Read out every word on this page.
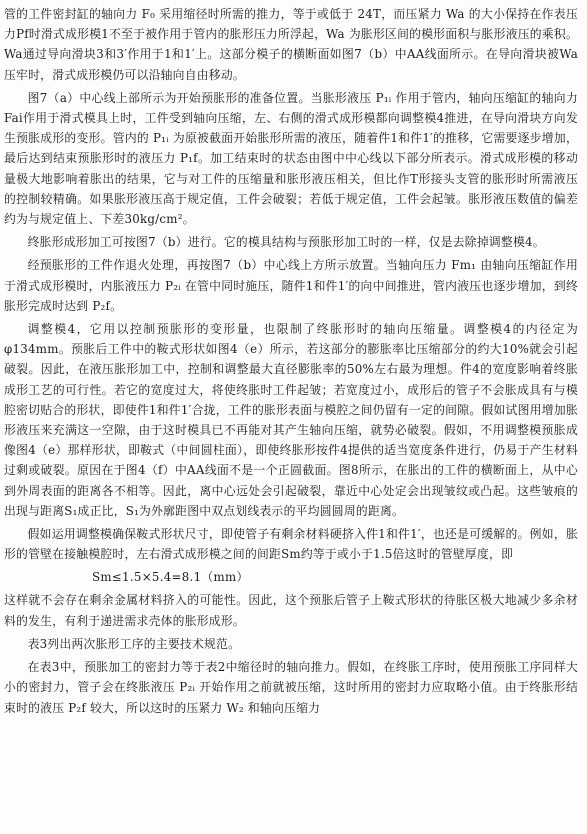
管的工件密封缸的轴向力 F₀ 采用缩径时所需的推力，等于或低于 24T，而压紧力 Wa 的大小保持在作表压力Pf时滑式成形模1不至于被作用于管内的胀形压力所浮起，Wa 为胀形区间的模形面积与胀形液压的乘积。Wa通过导向滑块3和3′作用于1和1′上。这部分模子的横断面如图7（b）中AA线面所示。在导向滑块被Wa压牢时，滑式成形模仍可以沿轴向自由移动。

图7（a）中心线上部所示为开始预胀形的准备位置。当胀形液压 P₁ᵢ 作用于管内，轴向压缩缸的轴向力Fai作用于滑式模具上时，工件受到轴向压缩，左、右侧的滑式成形模都向调整模4推进，在导向滑块方向发生预胀成形的变形。管内的 P₁ᵢ 为原被截面开始胀形所需的液压，随着件1和件1′的推移，它需要逐步增加，最后达到结束预胀形时的液压力 P₁f。加工结束时的状态由图中中心线以下部分所表示。滑式成形模的移动量极大地影响着胀出的结果，它与对工件的压缩量和胀形液压相关，但比作T形接头支管的胀形时所需液压的控制较精确。如果胀形液压高于规定值，工件会破裂；若低于规定值，工件会起皱。胀形液压数值的偏差约为与规定值上、下差30kg/cm²。

终胀形成形加工可按图7（b）进行。它的模具结构与预胀形加工时的一样，仅是去除掉调整模4。

经预胀形的工件作退火处理，再按图7（b）中心线上方所示放置。当轴向压力 Fm₁ 由轴向压缩缸作用于滑式成形模时，内胀液压力 P₂ᵢ 在管中同时施压，随件1和件1′的向中间推进，管内液压也逐步增加，到终胀形完成时达到 P₂f。

调整模4，它用以控制预胀形的变形量，也限制了终胀形时的轴向压缩量。调整模4的内径定为φ134mm。预胀后工件中的鞍式形状如图4（e）所示，若这部分的膨胀率比压缩部分的约大10%就会引起破裂。因此，在液压胀形加工中，控制和调整最大直径膨胀率的50%左右最为理想。件4的宽度影响着终胀成形工艺的可行性。若它的宽度过大，将使终胀时工件起皱；若宽度过小，成形后的管子不会胀成具有与模腔密切贴合的形状，即使件1和件1′合拢，工件的胀形表面与模腔之间仍留有一定的间隙。假如试图用增加胀形液压来充满这一空隙，由于这时模具已不再能对其产生轴向压缩，就势必破裂。假如，不用调整模预胀成像图4（e）那样形状，即鞍式（中间圆柱面），即使终胀形按件4提供的适当宽度条件进行，仍易于产生材料过剩或破裂。原因在于图4（f）中AA线面不是一个正圆截面。图8所示，在胀出的工件的横断面上，从中心到外周表面的距离各不相等。因此，离中心远处会引起破裂，靠近中心处定会出现皱纹或凸起。这些皱痕的出现与距离S₁成正比，S₁为外廓距图中双点划线表示的平均圆圆周的距离。

假如运用调整模确保鞍式形状尺寸，即使管子有剩余材料硬挤入件1和件1′，也还是可缓解的。例如，胀形的管壁在接触模腔时，左右滑式成形模之间的间距Sm约等于或小于1.5倍这时的管壁厚度，即

Sm≤1.5×5.4=8.1（mm）

这样就不会存在剩余金属材料挤入的可能性。因此，这个预胀后管子上鞍式形状的待胀区极大地减少多余材料的发生，有利于递进需求壳体的胀形成形。

表3列出两次胀形工序的主要技术规范。

在表3中，预胀加工的密封力等于表2中缩径时的轴向推力。假如，在终胀工序时，使用预胀工序同样大小的密封力，管子会在终胀液压 P₂ᵢ 开始作用之前就被压缩，这时所用的密封力应取略小值。由于终胀形结束时的液压 P₂f 较大，所以这时的压紧力 W₂ 和轴向压缩力
